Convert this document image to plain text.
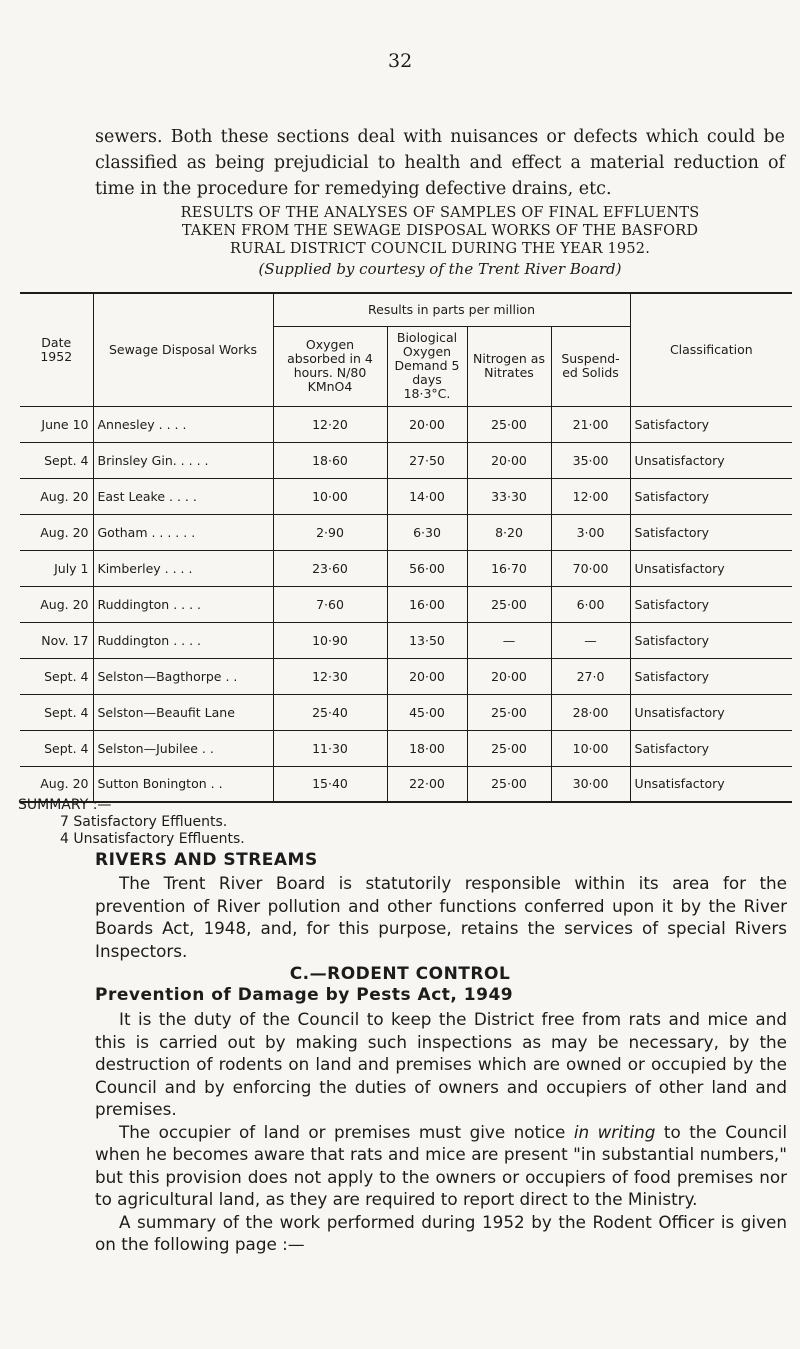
32
sewers. Both these sections deal with nuisances or defects which could be classified as being prejudicial to health and effect a material reduction of time in the procedure for remedying defective drains, etc.
RESULTS OF THE ANALYSES OF SAMPLES OF FINAL EFFLUENTS
TAKEN FROM THE SEWAGE DISPOSAL WORKS OF THE BASFORD
RURAL DISTRICT COUNCIL DURING THE YEAR 1952.
(Supplied by courtesy of the Trent River Board)
Date 1952	Sewage Disposal Works	Results in parts per million				Classification
		Oxygen absorbed in 4 hours. N/80 KMnO4	Biological Oxygen Demand 5 days 18·3°C.	Nitrogen as Nitrates	Suspend-ed Solids	
June 10	Annesley . . . .	12·20	20·00	25·00	21·00	Satisfactory
Sept. 4	Brinsley Gin. . . . .	18·60	27·50	20·00	35·00	Unsatisfactory
Aug. 20	East Leake . . . .	10·00	14·00	33·30	12·00	Satisfactory
Aug. 20	Gotham . . . . . .	2·90	6·30	8·20	3·00	Satisfactory
July 1	Kimberley . . . .	23·60	56·00	16·70	70·00	Unsatisfactory
Aug. 20	Ruddington . . . .	7·60	16·00	25·00	6·00	Satisfactory
Nov. 17	Ruddington . . . .	10·90	13·50	—	—	Satisfactory
Sept. 4	Selston—Bagthorpe . .	12·30	20·00	20·00	27·0	Satisfactory
Sept. 4	Selston—Beaufit Lane	25·40	45·00	25·00	28·00	Unsatisfactory
Sept. 4	Selston—Jubilee . .	11·30	18·00	25·00	10·00	Satisfactory
Aug. 20	Sutton Bonington . .	15·40	22·00	25·00	30·00	Unsatisfactory
SUMMARY :—
7 Satisfactory Effluents.
4 Unsatisfactory Effluents.
RIVERS AND STREAMS

The Trent River Board is statutorily responsible within its area for the prevention of River pollution and other functions conferred upon it by the River Boards Act, 1948, and, for this purpose, retains the services of special Rivers Inspectors.

C.—RODENT CONTROL
Prevention of Damage by Pests Act, 1949

It is the duty of the Council to keep the District free from rats and mice and this is carried out by making such inspections as may be necessary, by the destruction of rodents on land and premises which are owned or occupied by the Council and by enforcing the duties of owners and occupiers of other land and premises.

The occupier of land or premises must give notice in writing to the Council when he becomes aware that rats and mice are present "in substantial numbers," but this provision does not apply to the owners or occupiers of food premises nor to agricultural land, as they are required to report direct to the Ministry.

A summary of the work performed during 1952 by the Rodent Officer is given on the following page :—
